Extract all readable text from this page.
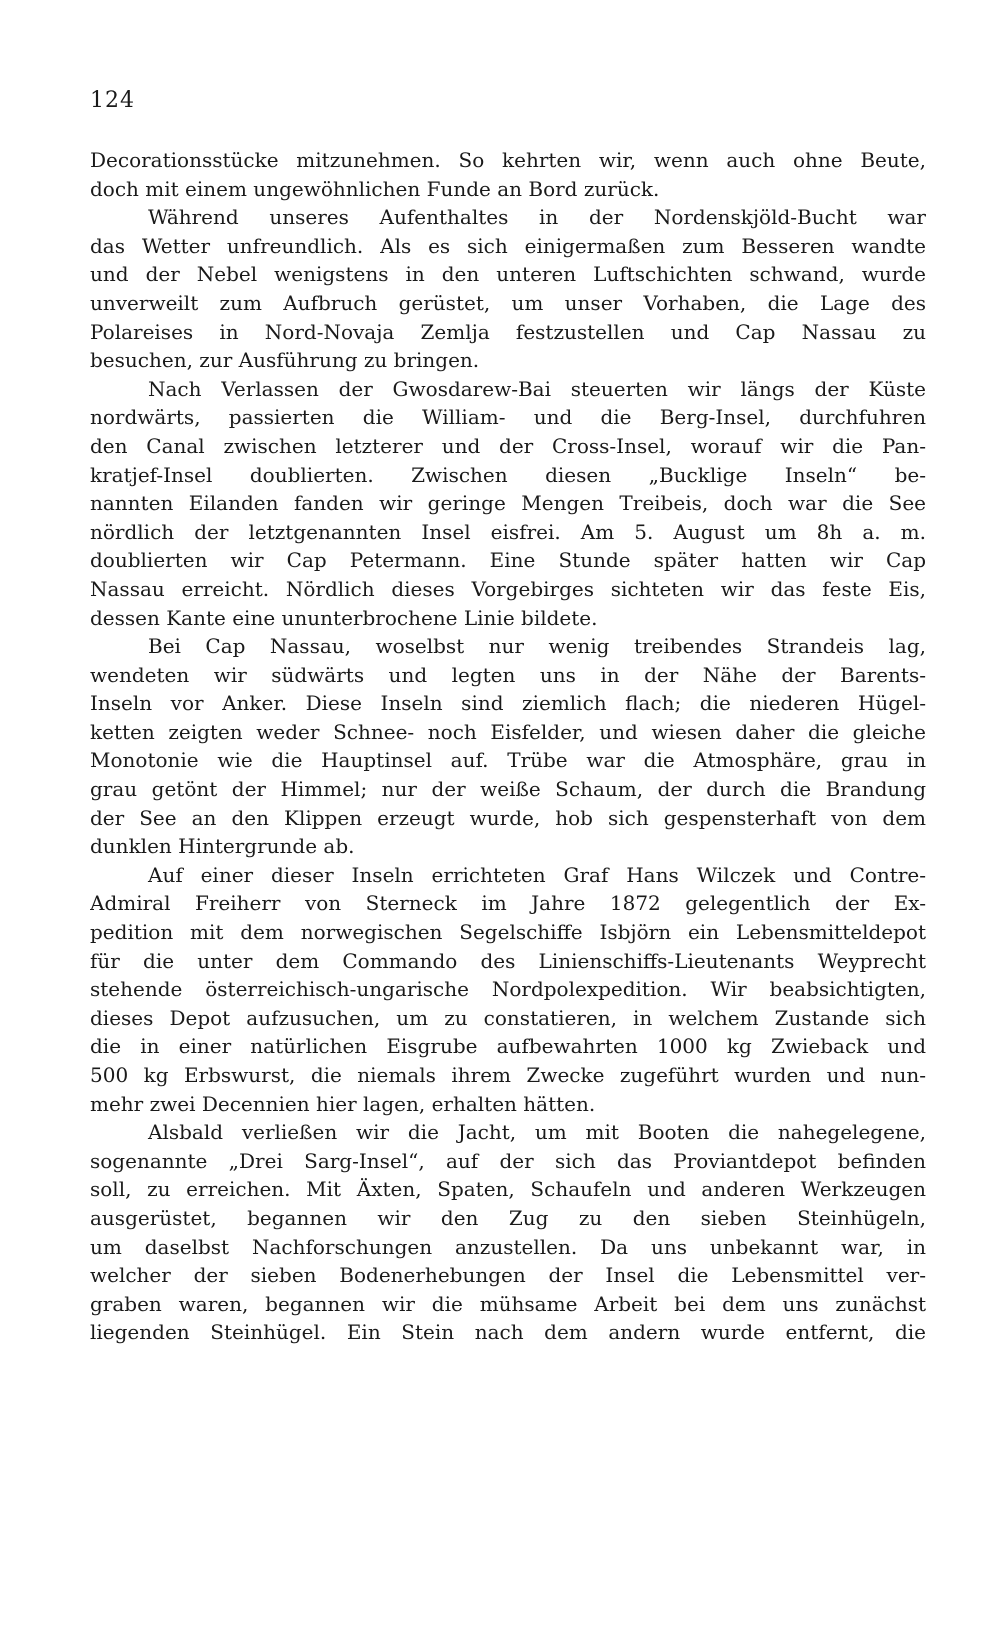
124
Decorationsstücke mitzunehmen. So kehrten wir, wenn auch ohne Beute,
doch mit einem ungewöhnlichen Funde an Bord zurück.
Während unseres Aufenthaltes in der Nordenskjöld-Bucht war
das Wetter unfreundlich. Als es sich einigermaßen zum Besseren wandte
und der Nebel wenigstens in den unteren Luftschichten schwand, wurde
unverweilt zum Aufbruch gerüstet, um unser Vorhaben, die Lage des
Polareises in Nord-Novaja Zemlja festzustellen und Cap Nassau zu
besuchen, zur Ausführung zu bringen.
Nach Verlassen der Gwosdarew-Bai steuerten wir längs der Küste
nordwärts, passierten die William- und die Berg-Insel, durchfuhren
den Canal zwischen letzterer und der Cross-Insel, worauf wir die Pan-
kratjef-Insel doublierten. Zwischen diesen „Bucklige Inseln“ be-
nannten Eilanden fanden wir geringe Mengen Treibeis, doch war die See
nördlich der letztgenannten Insel eisfrei. Am 5. August um 8h a. m.
doublierten wir Cap Petermann. Eine Stunde später hatten wir Cap
Nassau erreicht. Nördlich dieses Vorgebirges sichteten wir das feste Eis,
dessen Kante eine ununterbrochene Linie bildete.
Bei Cap Nassau, woselbst nur wenig treibendes Strandeis lag,
wendeten wir südwärts und legten uns in der Nähe der Barents-
Inseln vor Anker. Diese Inseln sind ziemlich flach; die niederen Hügel-
ketten zeigten weder Schnee- noch Eisfelder, und wiesen daher die gleiche
Monotonie wie die Hauptinsel auf. Trübe war die Atmosphäre, grau in
grau getönt der Himmel; nur der weiße Schaum, der durch die Brandung
der See an den Klippen erzeugt wurde, hob sich gespensterhaft von dem
dunklen Hintergrunde ab.
Auf einer dieser Inseln errichteten Graf Hans Wilczek und Contre-
Admiral Freiherr von Sterneck im Jahre 1872 gelegentlich der Ex-
pedition mit dem norwegischen Segelschiffe Isbjörn ein Lebensmitteldepot
für die unter dem Commando des Linienschiffs-Lieutenants Weyprecht
stehende österreichisch-ungarische Nordpolexpedition. Wir beabsichtigten,
dieses Depot aufzusuchen, um zu constatieren, in welchem Zustande sich
die in einer natürlichen Eisgrube aufbewahrten 1000 kg Zwieback und
500 kg Erbswurst, die niemals ihrem Zwecke zugeführt wurden und nun-
mehr zwei Decennien hier lagen, erhalten hätten.
Alsbald verließen wir die Jacht, um mit Booten die nahegelegene,
sogenannte „Drei Sarg-Insel“, auf der sich das Proviantdepot befinden
soll, zu erreichen. Mit Äxten, Spaten, Schaufeln und anderen Werkzeugen
ausgerüstet, begannen wir den Zug zu den sieben Steinhügeln,
um daselbst Nachforschungen anzustellen. Da uns unbekannt war, in
welcher der sieben Bodenerhebungen der Insel die Lebensmittel ver-
graben waren, begannen wir die mühsame Arbeit bei dem uns zunächst
liegenden Steinhügel. Ein Stein nach dem andern wurde entfernt, die
